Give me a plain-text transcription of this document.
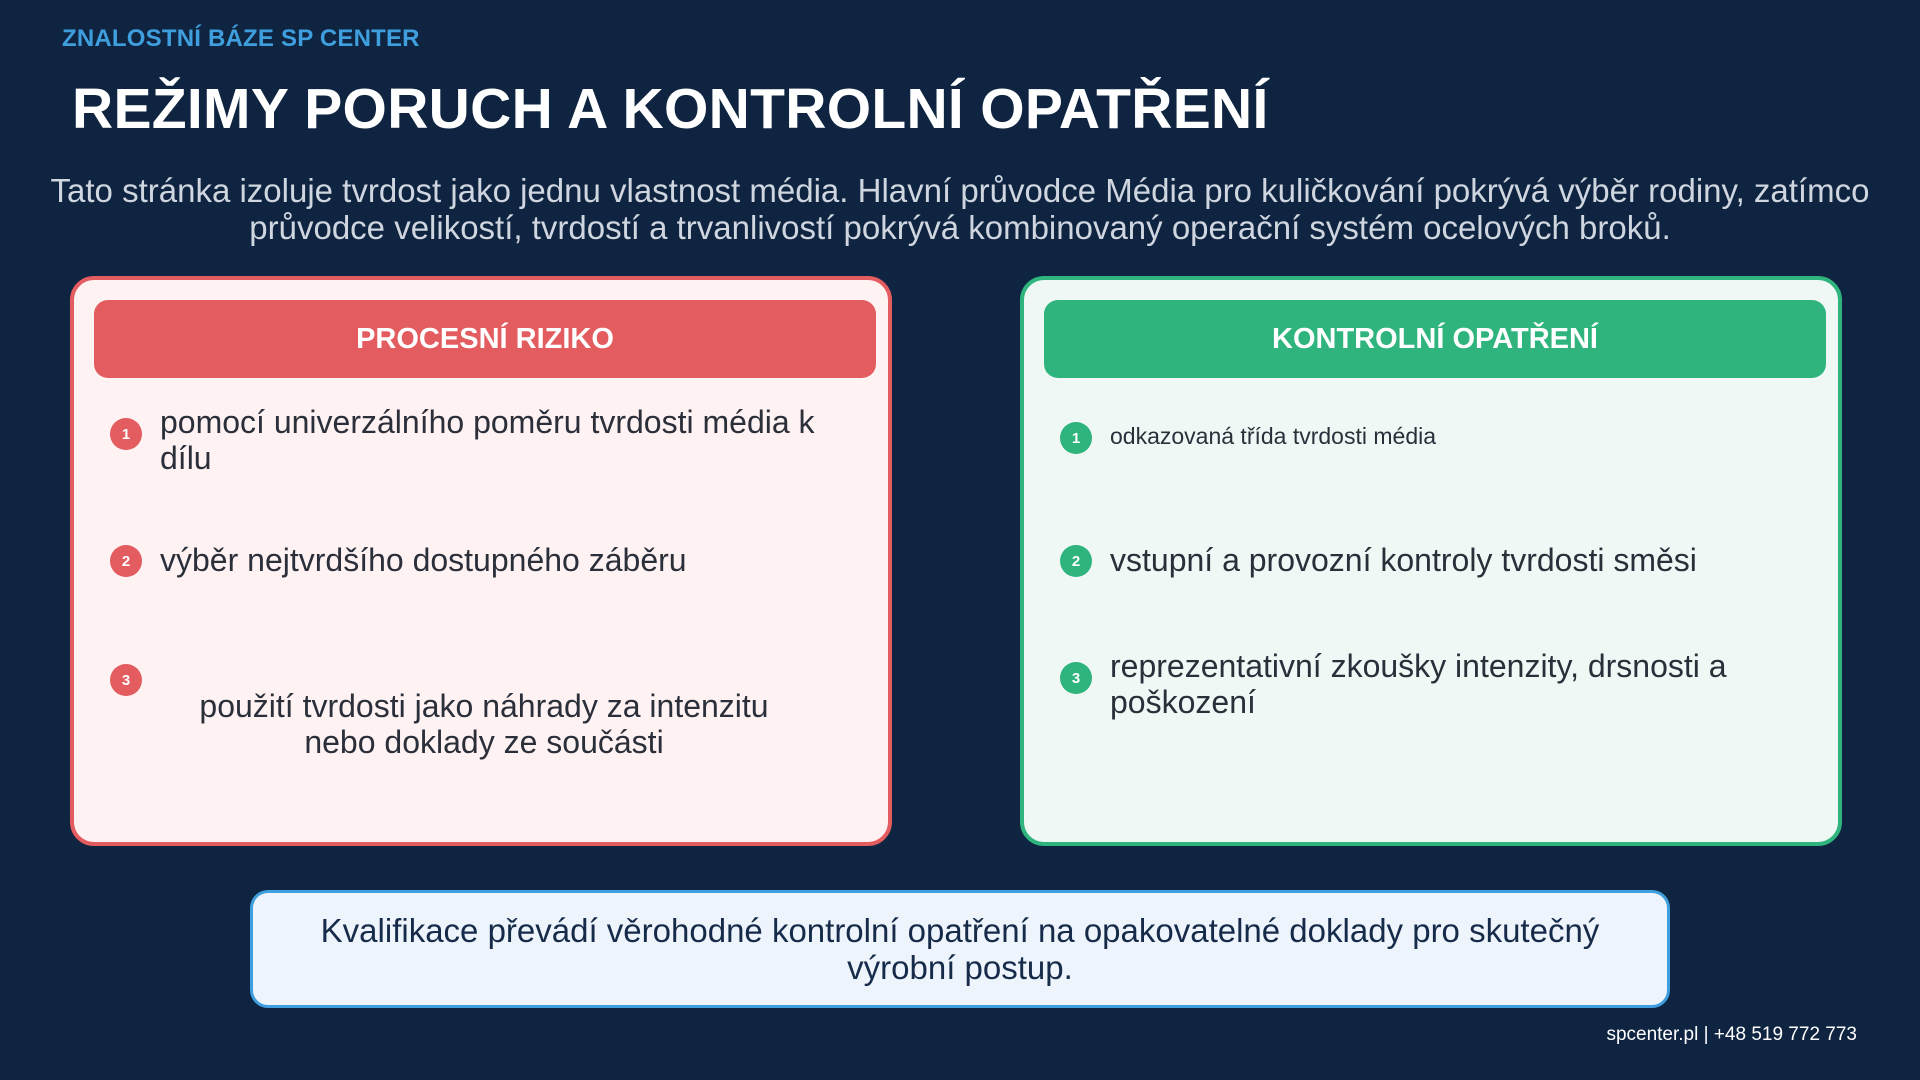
ZNALOSTNÍ BÁZE SP CENTER
REŽIMY PORUCH A KONTROLNÍ OPATŘENÍ
Tato stránka izoluje tvrdost jako jednu vlastnost média. Hlavní průvodce Média pro kuličkování pokrývá výběr rodiny, zatímco
průvodce velikostí, tvrdostí a trvanlivostí pokrývá kombinovaný operační systém ocelových broků.
PROCESNÍ RIZIKO
1 pomocí univerzálního poměru tvrdosti média k dílu
2 výběr nejtvrdšího dostupného záběru
3
použití tvrdosti jako náhrady za intenzitu nebo doklady ze součásti
KONTROLNÍ OPATŘENÍ
1	odkazovaná třída tvrdosti média
2 vstupní a provozní kontroly tvrdosti směsi
3 reprezentativní zkoušky intenzity, drsnosti a poškození
Kvalifikace převádí věrohodné kontrolní opatření na opakovatelné doklady pro skutečný výrobní postup.
spcenter.pl | +48 519 772 773
